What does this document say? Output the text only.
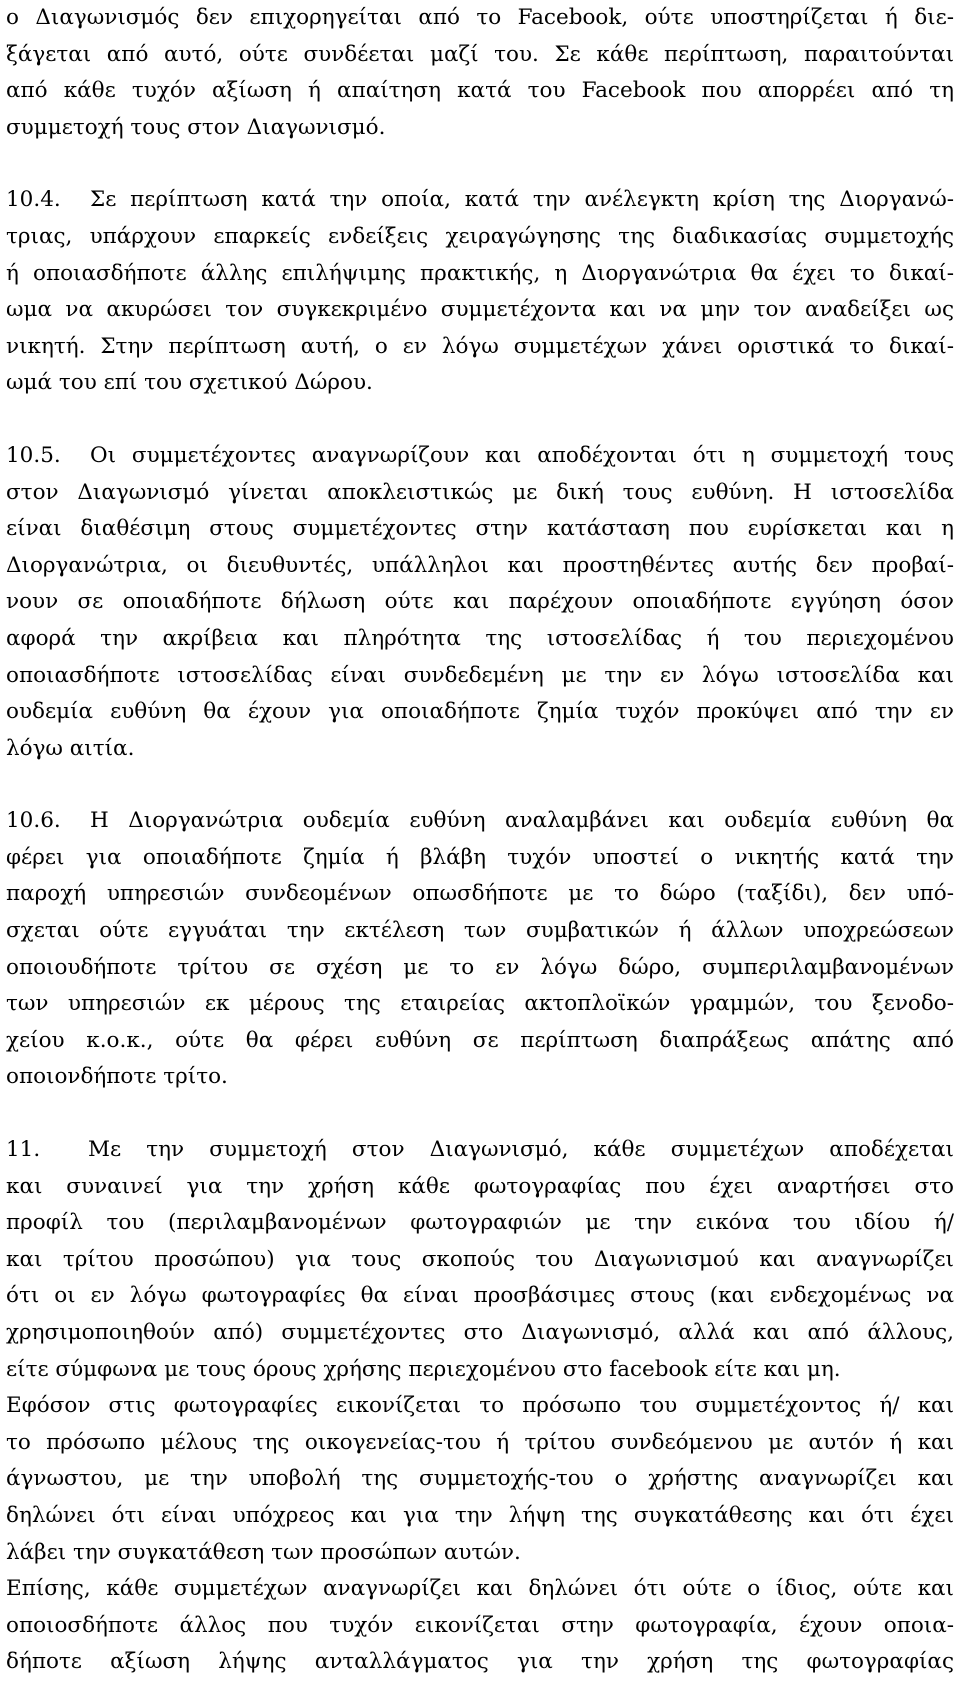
ο Διαγωνισμός δεν επιχορηγείται από το Facebook, ούτε υποστηρίζεται ή διε-
ξάγεται από αυτό, ούτε συνδέεται μαζί του. Σε κάθε περίπτωση, παραιτούνται
από κάθε τυχόν αξίωση ή απαίτηση κατά του Facebook που απορρέει από τη
συμμετοχή τους στον Διαγωνισμό.
10.4. Σε περίπτωση κατά την οποία, κατά την ανέλεγκτη κρίση της Διοργανώ-
τριας, υπάρχουν επαρκείς ενδείξεις χειραγώγησης της διαδικασίας συμμετοχής
ή οποιασδήποτε άλλης επιλήψιμης πρακτικής, η Διοργανώτρια θα έχει το δικαί-
ωμα να ακυρώσει τον συγκεκριμένο συμμετέχοντα και να μην τον αναδείξει ως
νικητή. Στην περίπτωση αυτή, ο εν λόγω συμμετέχων χάνει οριστικά το δικαί-
ωμά του επί του σχετικού Δώρου.
10.5. Οι συμμετέχοντες αναγνωρίζουν και αποδέχονται ότι η συμμετοχή τους
στον Διαγωνισμό γίνεται αποκλειστικώς με δική τους ευθύνη. Η ιστοσελίδα
είναι διαθέσιμη στους συμμετέχοντες στην κατάσταση που ευρίσκεται και η
Διοργανώτρια, οι διευθυντές, υπάλληλοι και προστηθέντες αυτής δεν προβαί-
νουν σε οποιαδήποτε δήλωση ούτε και παρέχουν οποιαδήποτε εγγύηση όσον
αφορά την ακρίβεια και πληρότητα της ιστοσελίδας ή του περιεχομένου
οποιασδήποτε ιστοσελίδας είναι συνδεδεμένη με την εν λόγω ιστοσελίδα και
ουδεμία ευθύνη θα έχουν για οποιαδήποτε ζημία τυχόν προκύψει από την εν
λόγω αιτία.
10.6. Η Διοργανώτρια ουδεμία ευθύνη αναλαμβάνει και ουδεμία ευθύνη θα
φέρει για οποιαδήποτε ζημία ή βλάβη τυχόν υποστεί ο νικητής κατά την
παροχή υπηρεσιών συνδεομένων οπωσδήποτε με το δώρο (ταξίδι), δεν υπό-
σχεται ούτε εγγυάται την εκτέλεση των συμβατικών ή άλλων υποχρεώσεων
οποιουδήποτε τρίτου σε σχέση με το εν λόγω δώρο, συμπεριλαμβανομένων
των υπηρεσιών εκ μέρους της εταιρείας ακτοπλοϊκών γραμμών, του ξενοδο-
χείου κ.ο.κ., ούτε θα φέρει ευθύνη σε περίπτωση διαπράξεως απάτης από
οποιονδήποτε τρίτο.
11. Με την συμμετοχή στον Διαγωνισμό, κάθε συμμετέχων αποδέχεται
και συναινεί για την χρήση κάθε φωτογραφίας που έχει αναρτήσει στο
προφίλ του (περιλαμβανομένων φωτογραφιών με την εικόνα του ιδίου ή/
και τρίτου προσώπου) για τους σκοπούς του Διαγωνισμού και αναγνωρίζει
ότι οι εν λόγω φωτογραφίες θα είναι προσβάσιμες στους (και ενδεχομένως να
χρησιμοποιηθούν από) συμμετέχοντες στο Διαγωνισμό, αλλά και από άλλους,
είτε σύμφωνα με τους όρους χρήσης περιεχομένου στο facebook είτε και μη.
Εφόσον στις φωτογραφίες εικονίζεται το πρόσωπο του συμμετέχοντος ή/ και
το πρόσωπο μέλους της οικογενείας-του ή τρίτου συνδεόμενου με αυτόν ή και
άγνωστου, με την υποβολή της συμμετοχής-του ο χρήστης αναγνωρίζει και
δηλώνει ότι είναι υπόχρεος και για την λήψη της συγκατάθεσης και ότι έχει
λάβει την συγκατάθεση των προσώπων αυτών.
Επίσης, κάθε συμμετέχων αναγνωρίζει και δηλώνει ότι ούτε ο ίδιος, ούτε και
οποιοσδήποτε άλλος που τυχόν εικονίζεται στην φωτογραφία, έχουν οποια-
δήποτε αξίωση λήψης ανταλλάγματος για την χρήση της φωτογραφίας
